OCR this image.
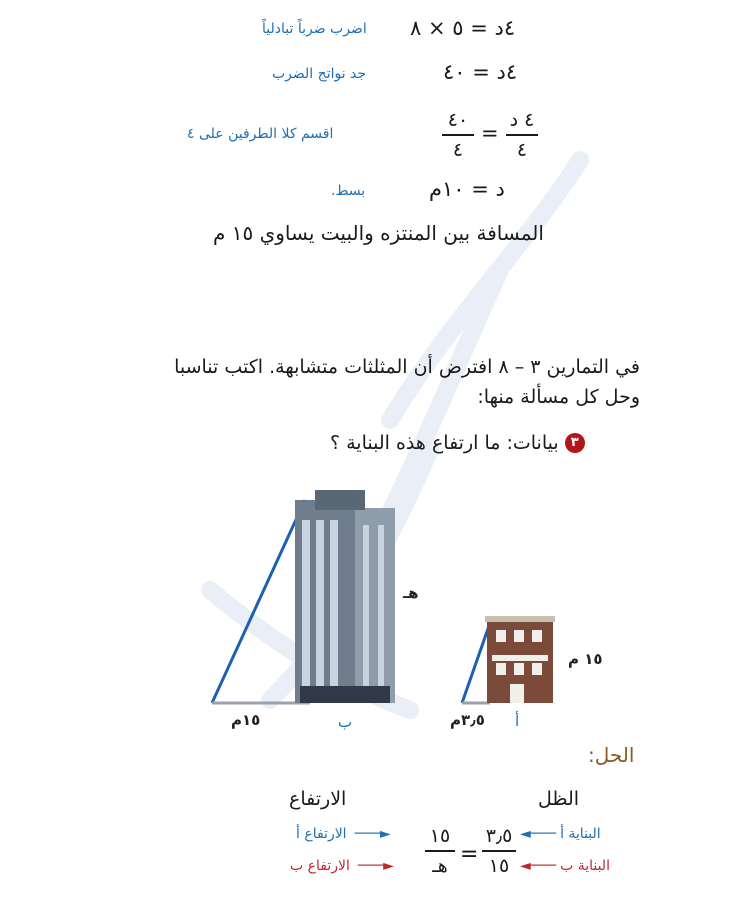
٤د = ٥ × ٨
اضرب ضرباً تبادلياً
٤د = ٤٠
جد نواتج الضرب
٤ د
٤
=
٤٠
٤
اقسم كلا الطرفين على ٤
د = ١٠م
بسط.
المسافة بين المنتزه والبيت يساوي ١٥ م
في التمارين ٣ – ٨ افترض أن المثلثات متشابهة. اكتب تناسبا وحل كل مسألة منها:
٣
بيانات: ما ارتفاع هذه البناية ؟
هـ
١٥م	ب
١٥ م
٣٫٥م أ
الحل:
الظل
الارتفاع
٣٫٥
١٥
=
١٥
هـ
◄─── البناية أ
◄─── البناية ب
الارتفاع أ ───►
الارتفاع ب ───►
